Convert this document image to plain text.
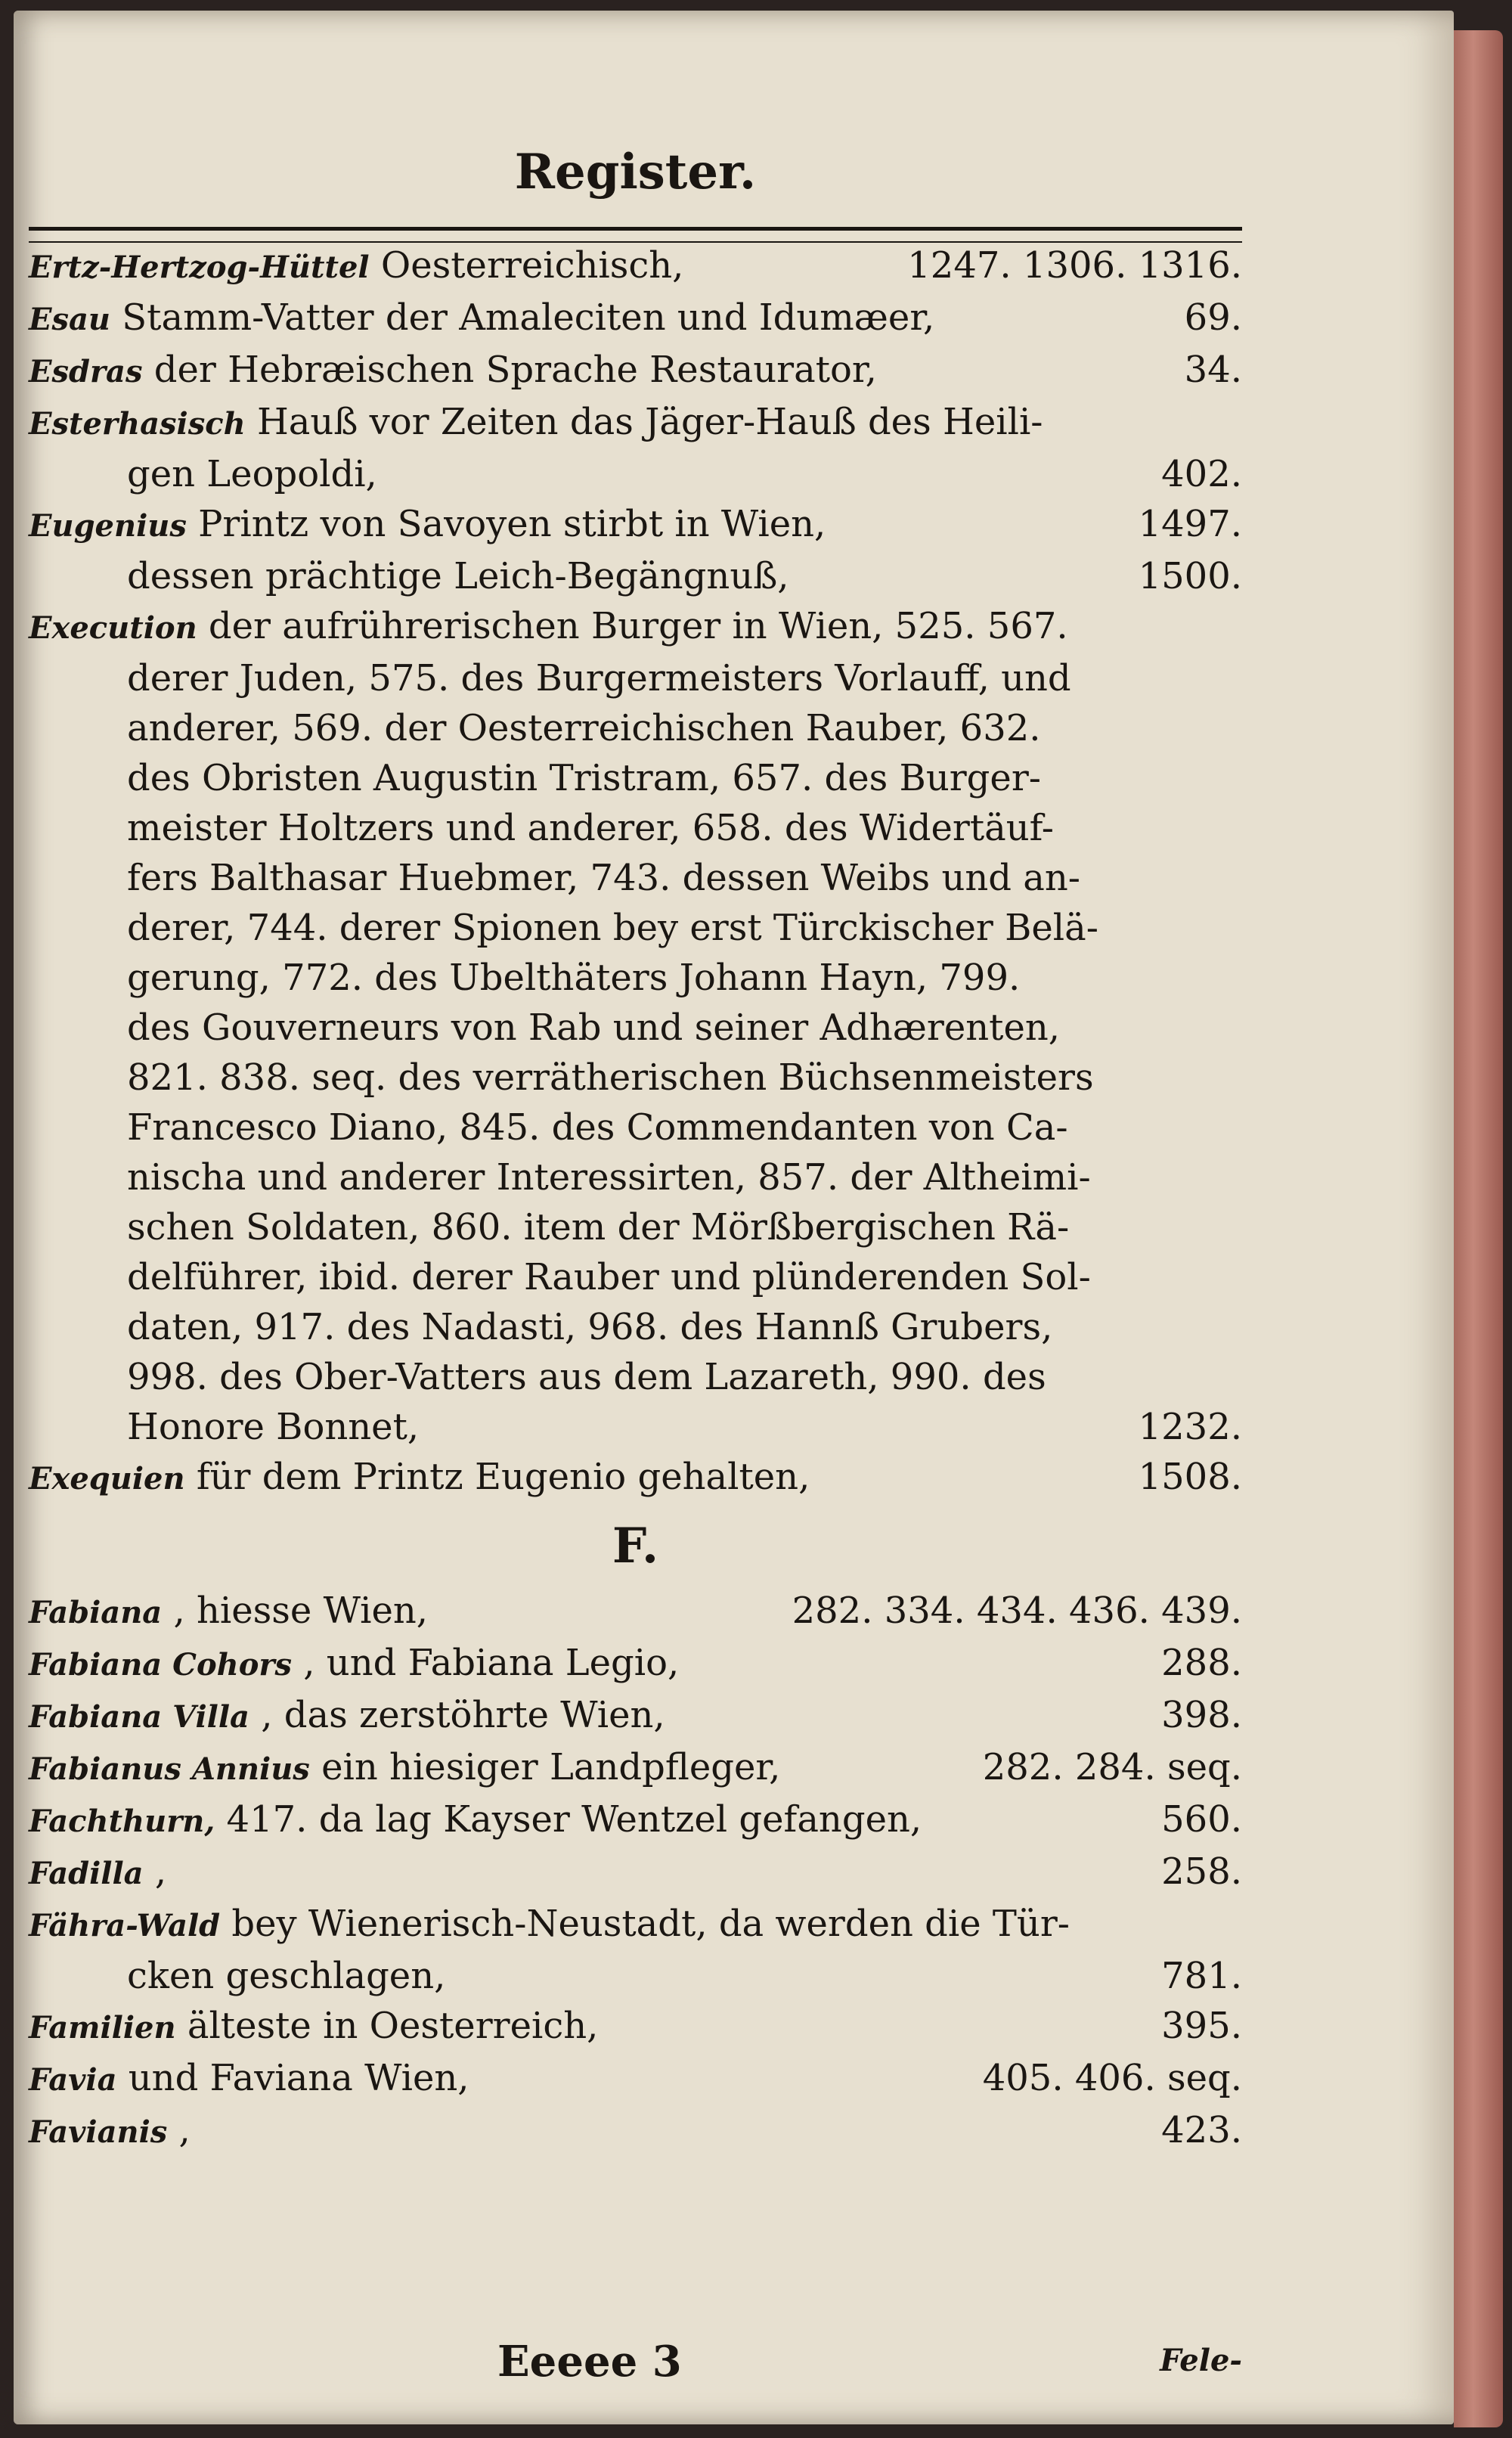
Register.
Ertz-Hertzog-Hüttel Oesterreichisch,	1247. 1306. 1316.
Esau Stamm-Vatter der Amaleciten und Idumæer,	69.
Esdras der Hebræischen Sprache Restaurator,	34.
Esterhasisch Hauß vor Zeiten das Jäger-Hauß des Heili-
gen Leopoldi,	402.
Eugenius Printz von Savoyen stirbt in Wien,	1497.
dessen prächtige Leich-Begängnuß,	1500.
Execution der aufrührerischen Burger in Wien, 525. 567.
derer Juden, 575. des Burgermeisters Vorlauff, und
anderer, 569. der Oesterreichischen Rauber, 632.
des Obristen Augustin Tristram, 657. des Burger-
meister Holtzers und anderer, 658. des Widertäuf-
fers Balthasar Huebmer, 743. dessen Weibs und an-
derer, 744. derer Spionen bey erst Türckischer Belä-
gerung, 772. des Ubelthäters Johann Hayn, 799.
des Gouverneurs von Rab und seiner Adhærenten,
821. 838. seq. des verrätherischen Büchsenmeisters
Francesco Diano, 845. des Commendanten von Ca-
nischa und anderer Interessirten, 857. der Altheimi-
schen Soldaten, 860. item der Mörßbergischen Rä-
delführer, ibid. derer Rauber und plünderenden Sol-
daten, 917. des Nadasti, 968. des Hannß Grubers,
998. des Ober-Vatters aus dem Lazareth, 990. des
Honore Bonnet,	1232.
Exequien für dem Printz Eugenio gehalten,	1508.
F.
Fabiana , hiesse Wien,	282. 334. 434. 436. 439.
Fabiana Cohors , und Fabiana Legio,	288.
Fabiana Villa , das zerstöhrte Wien,	398.
Fabianus Annius ein hiesiger Landpfleger,	282. 284. seq.
Fachthurn, 417. da lag Kayser Wentzel gefangen,	560.
Fadilla ,	258.
Fähra-Wald bey Wienerisch-Neustadt, da werden die Tür-
cken geschlagen,	781.
Familien älteste in Oesterreich,	395.
Favia und Faviana Wien,	405. 406. seq.
Favianis ,	423.
Eeeee 3	Fele-
